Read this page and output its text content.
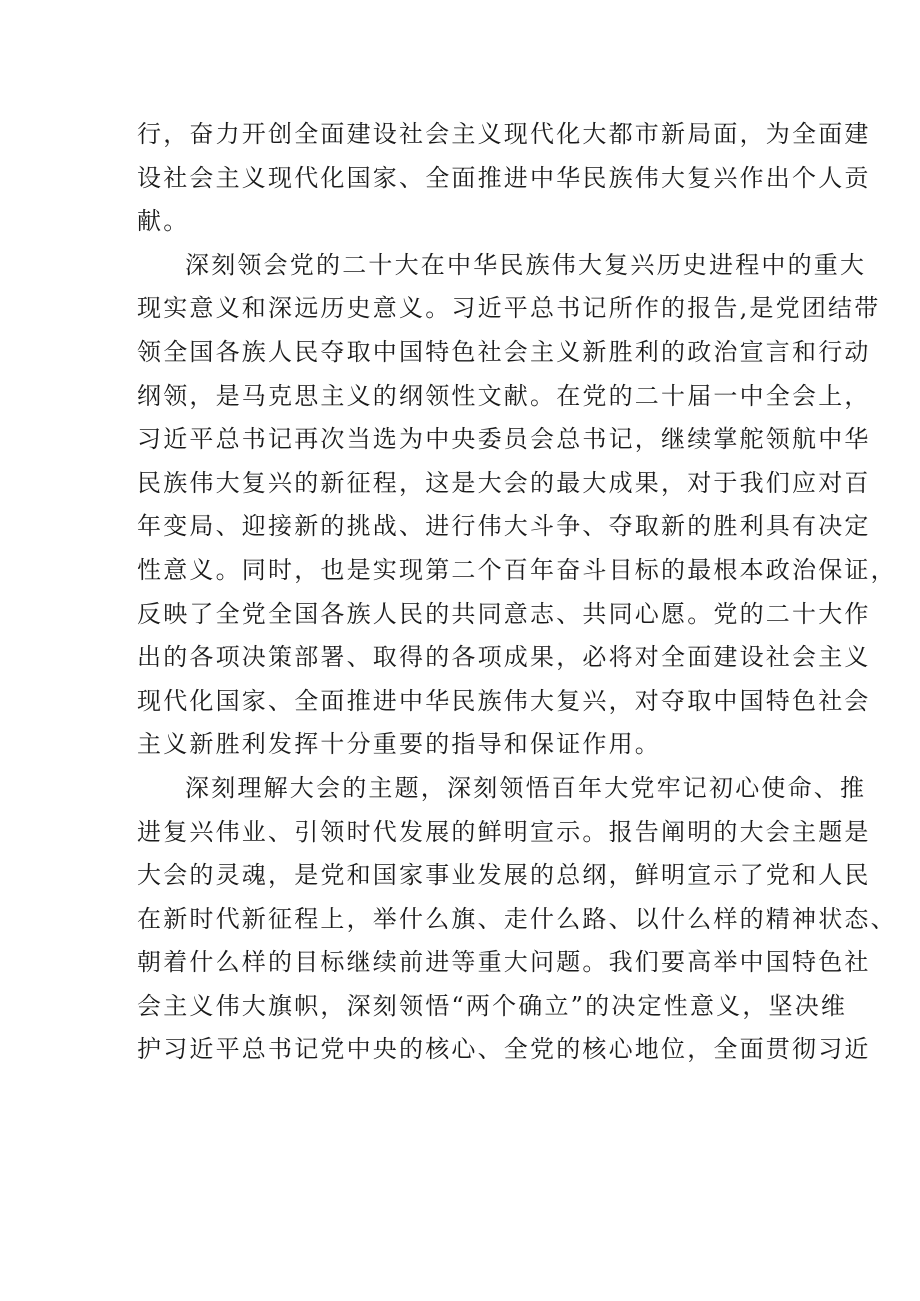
行，奋力开创全面建设社会主义现代化大都市新局面，为全面建
设社会主义现代化国家、全面推进中华民族伟大复兴作出个人贡
献。
深刻领会党的二十大在中华民族伟大复兴历史进程中的重大
现实意义和深远历史意义。习近平总书记所作的报告,是党团结带
领全国各族人民夺取中国特色社会主义新胜利的政治宣言和行动
纲领，是马克思主义的纲领性文献。在党的二十届一中全会上，
习近平总书记再次当选为中央委员会总书记，继续掌舵领航中华
民族伟大复兴的新征程，这是大会的最大成果，对于我们应对百
年变局、迎接新的挑战、进行伟大斗争、夺取新的胜利具有决定
性意义。同时，也是实现第二个百年奋斗目标的最根本政治保证，
反映了全党全国各族人民的共同意志、共同心愿。党的二十大作
出的各项决策部署、取得的各项成果，必将对全面建设社会主义
现代化国家、全面推进中华民族伟大复兴，对夺取中国特色社会
主义新胜利发挥十分重要的指导和保证作用。
深刻理解大会的主题，深刻领悟百年大党牢记初心使命、推
进复兴伟业、引领时代发展的鲜明宣示。报告阐明的大会主题是
大会的灵魂，是党和国家事业发展的总纲，鲜明宣示了党和人民
在新时代新征程上，举什么旗、走什么路、以什么样的精神状态、
朝着什么样的目标继续前进等重大问题。我们要高举中国特色社
会主义伟大旗帜，深刻领悟“两个确立”的决定性意义，坚决维
护习近平总书记党中央的核心、全党的核心地位，全面贯彻习近
